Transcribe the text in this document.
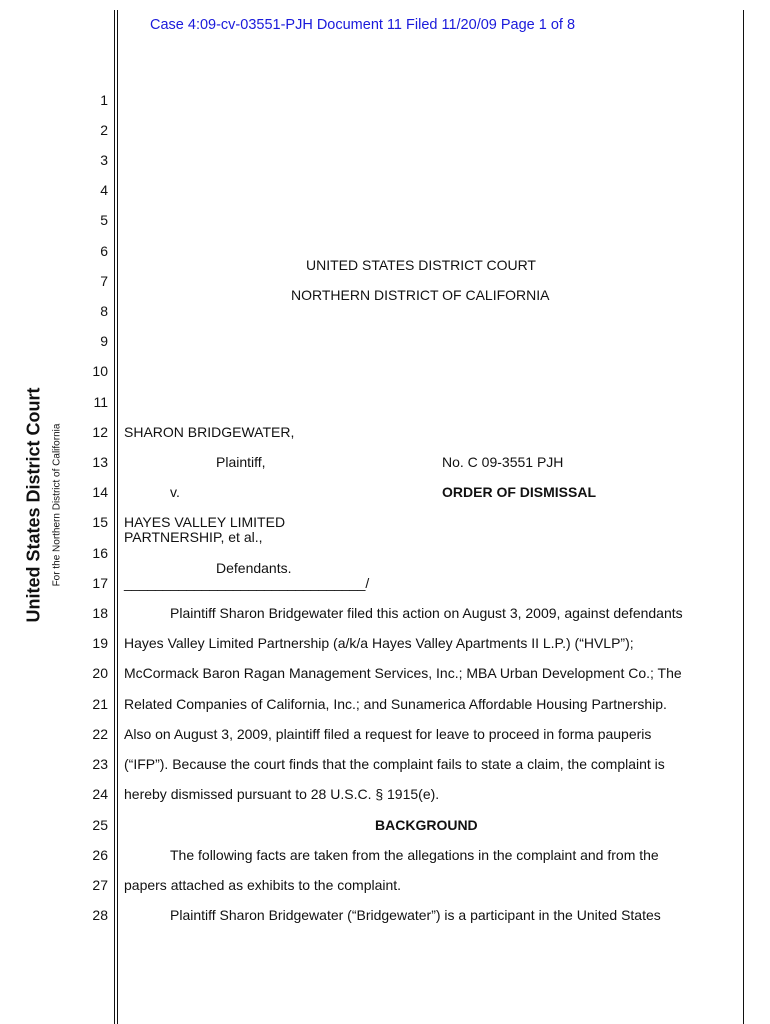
Case 4:09-cv-03551-PJH Document 11 Filed 11/20/09 Page 1 of 8
United States District Court For the Northern District of California
1
2
3
4
5
6
7
8
9
10
11
12
13
14
15
16
17
18
19
20
21
22
23
24
25
26
27
28
UNITED STATES DISTRICT COURT
NORTHERN DISTRICT OF CALIFORNIA
SHARON BRIDGEWATER,
Plaintiff,	No. C 09-3551 PJH
v.	ORDER OF DISMISSAL
HAYES VALLEY LIMITED
PARTNERSHIP, et al.,
Defendants.
_______________________________/
Plaintiff Sharon Bridgewater filed this action on August 3, 2009, against defendants
Hayes Valley Limited Partnership (a/k/a Hayes Valley Apartments II L.P.) (“HVLP”);
McCormack Baron Ragan Management Services, Inc.; MBA Urban Development Co.; The
Related Companies of California, Inc.; and Sunamerica Affordable Housing Partnership.
Also on August 3, 2009, plaintiff filed a request for leave to proceed in forma pauperis
(“IFP”). Because the court finds that the complaint fails to state a claim, the complaint is
hereby dismissed pursuant to 28 U.S.C. § 1915(e).
BACKGROUND
The following facts are taken from the allegations in the complaint and from the
papers attached as exhibits to the complaint.
Plaintiff Sharon Bridgewater (“Bridgewater”) is a participant in the United States
